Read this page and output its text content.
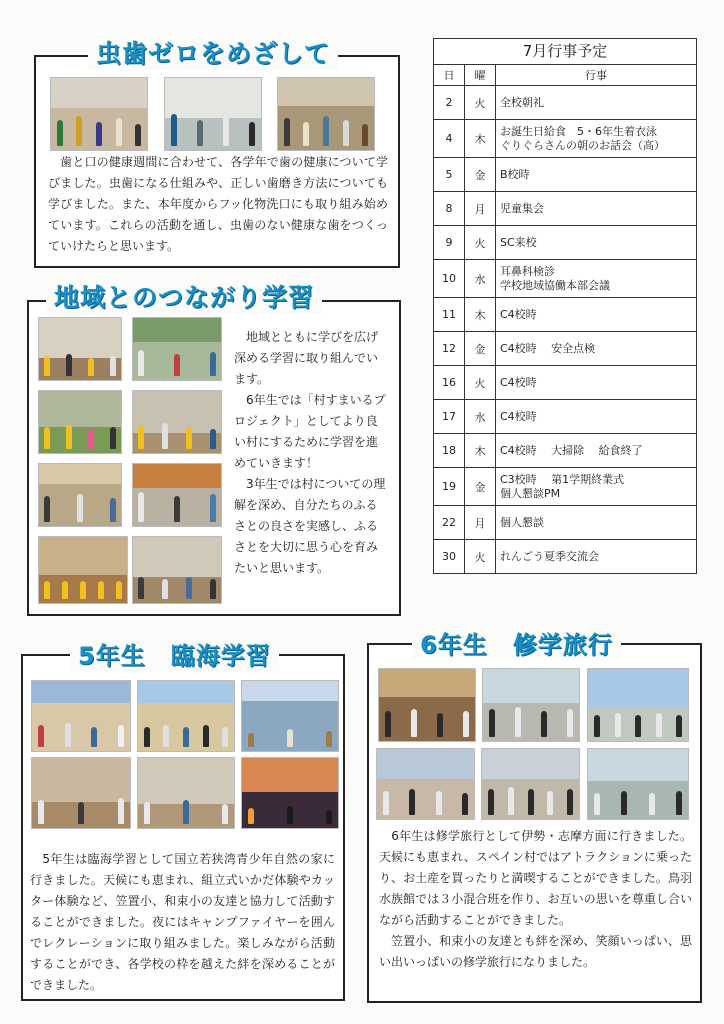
虫歯ゼロをめざして
　歯と口の健康週間に合わせて、各学年で歯の健康について学びました。虫歯になる仕組みや、正しい歯磨き方法についても学びました。また、本年度からフッ化物洗口にも取り組み始めています。これらの活動を通し、虫歯のない健康な歯をつくっていけたらと思います。
地域とのつながり学習
　地域とともに学びを広げ深める学習に取り組んでいます。
　6年生では「村すまいるプロジェクト」としてより良い村にするために学習を進めていきます！
　3年生では村についての理解を深め、自分たちのふるさとの良さを実感し、ふるさとを大切に思う心を育みたいと思います。
7月行事予定
日	曜	行事
2	火	全校朝礼
4	木	お誕生日給食　5・6年生着衣泳
ぐりぐらさんの朝のお話会（高）
5	金	B校時
8	月	児童集会
9	火	SC来校
10	水	耳鼻科検診
学校地域協働本部会議
11	木	C4校時
12	金	C4校時　 安全点検
16	火	C4校時
17	水	C4校時
18	木	C4校時　 大掃除　 給食終了
19	金	C3校時　 第1学期終業式
個人懇談PM
22	月	個人懇談
30	火	れんごう夏季交流会
5年生　臨海学習
　5年生は臨海学習として国立若狭湾青少年自然の家に行きました。天候にも恵まれ、組立式いかだ体験やカッター体験など、笠置小、和束小の友達と協力して活動することができました。夜にはキャンプファイヤーを囲んでレクレーションに取り組みました。楽しみながら活動することができ、各学校の枠を越えた絆を深めることができました。
6年生　修学旅行
　6年生は修学旅行として伊勢・志摩方面に行きました。天候にも恵まれ、スペイン村ではアトラクションに乗ったり、お土産を買ったりと満喫することができました。鳥羽水族館では３小混合班を作り、お互いの思いを尊重し合いながら活動することができました。
　笠置小、和束小の友達とも絆を深め、笑顔いっぱい、思い出いっぱいの修学旅行になりました。
